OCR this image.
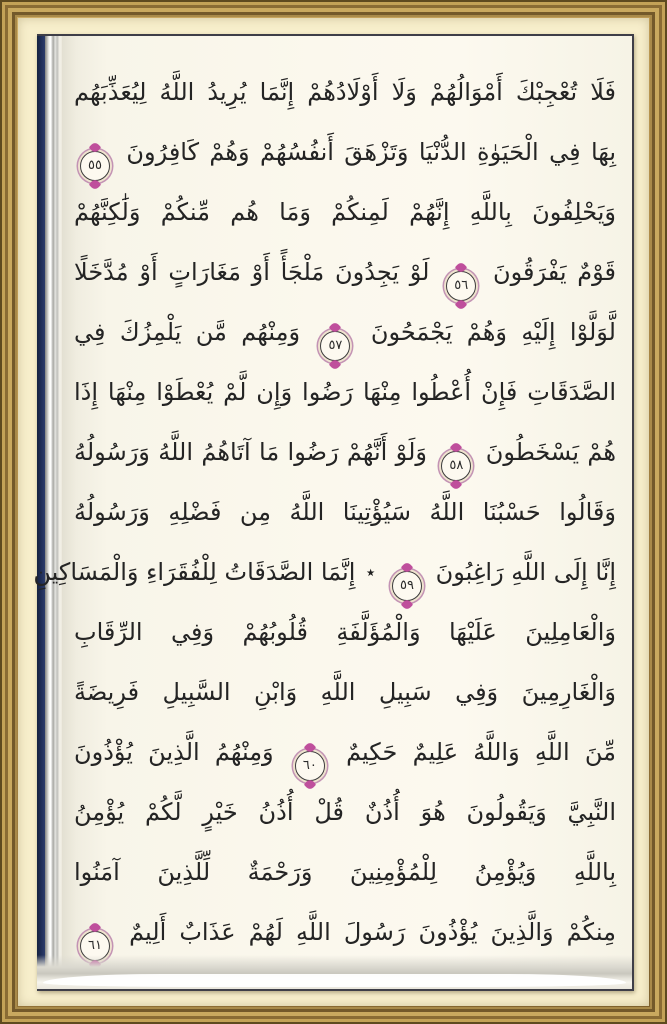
فَلَا تُعْجِبْكَ أَمْوَالُهُمْ وَلَا أَوْلَادُهُمْ إِنَّمَا يُرِيدُ اللَّهُ لِيُعَذِّبَهُم
بِهَا فِي الْحَيَوٰةِ الدُّنْيَا وَتَزْهَقَ أَنفُسُهُمْ وَهُمْ كَافِرُونَ
٥٥
وَيَحْلِفُونَ بِاللَّهِ إِنَّهُمْ لَمِنكُمْ وَمَا هُم مِّنكُمْ وَلَٰكِنَّهُمْ
قَوْمٌ يَفْرَقُونَ
٥٦
لَوْ يَجِدُونَ مَلْجَأً أَوْ مَغَارَاتٍ أَوْ مُدَّخَلًا
لَّوَلَّوْا إِلَيْهِ وَهُمْ يَجْمَحُونَ
٥٧
وَمِنْهُم مَّن يَلْمِزُكَ فِي
الصَّدَقَاتِ فَإِنْ أُعْطُوا مِنْهَا رَضُوا وَإِن لَّمْ يُعْطَوْا مِنْهَا إِذَا
هُمْ يَسْخَطُونَ
٥٨
وَلَوْ أَنَّهُمْ رَضُوا مَا آتَاهُمُ اللَّهُ وَرَسُولُهُ
وَقَالُوا حَسْبُنَا اللَّهُ سَيُؤْتِينَا اللَّهُ مِن فَضْلِهِ وَرَسُولُهُ
إِنَّا إِلَى اللَّهِ رَاغِبُونَ
٥٩
٭ إِنَّمَا الصَّدَقَاتُ لِلْفُقَرَاءِ وَالْمَسَاكِينِ
وَالْعَامِلِينَ عَلَيْهَا وَالْمُؤَلَّفَةِ قُلُوبُهُمْ وَفِي الرِّقَابِ
وَالْغَارِمِينَ وَفِي سَبِيلِ اللَّهِ وَابْنِ السَّبِيلِ فَرِيضَةً
مِّنَ اللَّهِ وَاللَّهُ عَلِيمٌ حَكِيمٌ
٦٠
وَمِنْهُمُ الَّذِينَ يُؤْذُونَ
النَّبِيَّ وَيَقُولُونَ هُوَ أُذُنٌ قُلْ أُذُنُ خَيْرٍ لَّكُمْ يُؤْمِنُ
بِاللَّهِ وَيُؤْمِنُ لِلْمُؤْمِنِينَ وَرَحْمَةٌ لِّلَّذِينَ آمَنُوا
مِنكُمْ وَالَّذِينَ يُؤْذُونَ رَسُولَ اللَّهِ لَهُمْ عَذَابٌ أَلِيمٌ
٦١
